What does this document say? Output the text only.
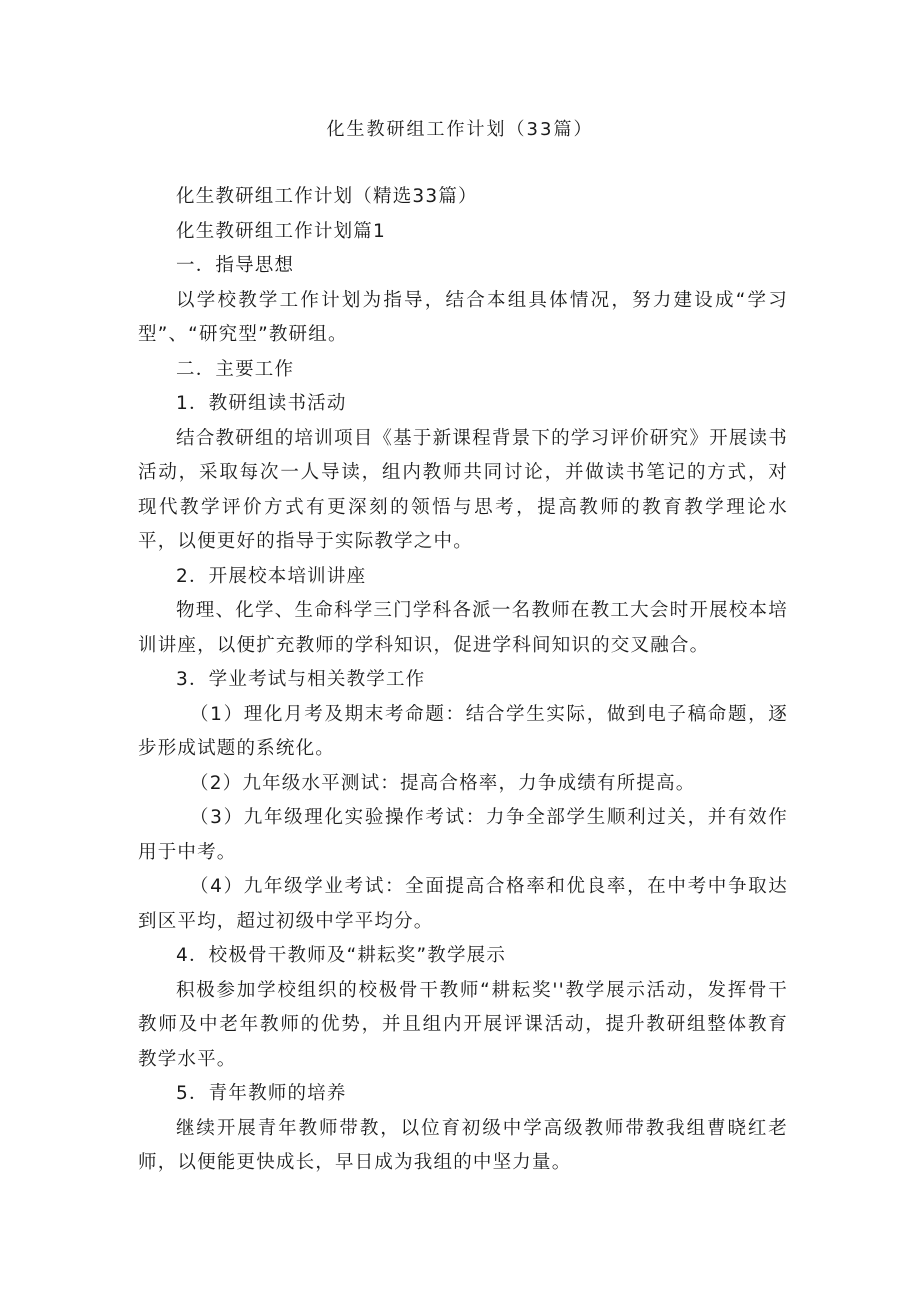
化生教研组工作计划（33篇）

化生教研组工作计划（精选33篇）

化生教研组工作计划篇1

一．指导思想

以学校教学工作计划为指导，结合本组具体情况，努力建设成“学习型”、“研究型”教研组。

二．主要工作

1．教研组读书活动

结合教研组的培训项目《基于新课程背景下的学习评价研究》开展读书活动，采取每次一人导读，组内教师共同讨论，并做读书笔记的方式，对现代教学评价方式有更深刻的领悟与思考，提高教师的教育教学理论水平，以便更好的指导于实际教学之中。

2．开展校本培训讲座

物理、化学、生命科学三门学科各派一名教师在教工大会时开展校本培训讲座，以便扩充教师的学科知识，促进学科间知识的交叉融合。

3．学业考试与相关教学工作

（1）理化月考及期末考命题：结合学生实际，做到电子稿命题，逐步形成试题的系统化。

（2）九年级水平测试：提高合格率，力争成绩有所提高。

（3）九年级理化实验操作考试：力争全部学生顺利过关，并有效作用于中考。

（4）九年级学业考试：全面提高合格率和优良率，在中考中争取达到区平均，超过初级中学平均分。

4．校极骨干教师及“耕耘奖”教学展示

积极参加学校组织的校极骨干教师“耕耘奖''教学展示活动，发挥骨干教师及中老年教师的优势，并且组内开展评课活动，提升教研组整体教育教学水平。

5．青年教师的培养

继续开展青年教师带教，以位育初级中学高级教师带教我组曹晓红老师，以便能更快成长，早日成为我组的中坚力量。
